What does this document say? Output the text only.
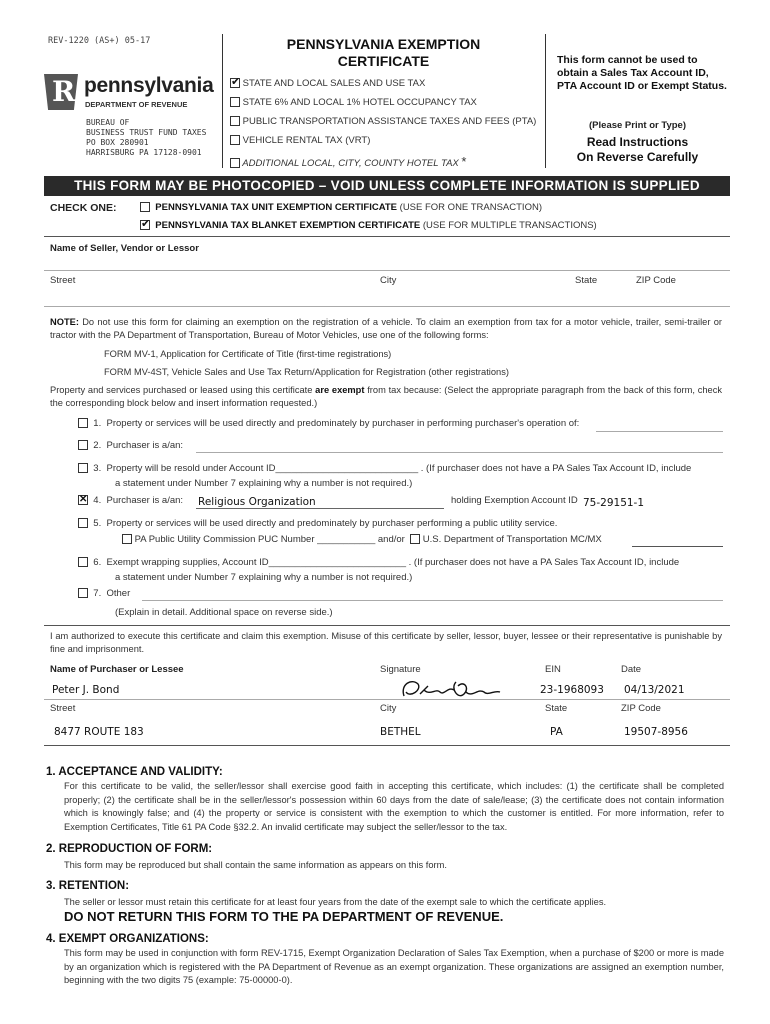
REV-1220 (AS+) 05-17
R pennsylvania
DEPARTMENT OF REVENUE
BUREAU OF
BUSINESS TRUST FUND TAXES
PO BOX 280901
HARRISBURG PA 17128-0901
PENNSYLVANIA EXEMPTION
CERTIFICATE
✔ STATE AND LOCAL SALES AND USE TAX
STATE 6% AND LOCAL 1% HOTEL OCCUPANCY TAX
PUBLIC TRANSPORTATION ASSISTANCE TAXES AND FEES (PTA)
VEHICLE RENTAL TAX (VRT)
ADDITIONAL LOCAL, CITY, COUNTY HOTEL TAX *
This form cannot be used to obtain a Sales Tax Account ID, PTA Account ID or Exempt Status.
(Please Print or Type)
Read Instructions
On Reverse Carefully
THIS FORM MAY BE PHOTOCOPIED – VOID UNLESS COMPLETE INFORMATION IS SUPPLIED
CHECK ONE:	PENNSYLVANIA TAX UNIT EXEMPTION CERTIFICATE (USE FOR ONE TRANSACTION)
✔  PENNSYLVANIA TAX BLANKET EXEMPTION CERTIFICATE (USE FOR MULTIPLE TRANSACTIONS)
Name of Seller, Vendor or Lessor
Street	City	State	ZIP Code
NOTE: Do not use this form for claiming an exemption on the registration of a vehicle. To claim an exemption from tax for a motor vehicle, trailer, semi-trailer or tractor with the PA Department of Transportation, Bureau of Motor Vehicles, use one of the following forms:
FORM MV-1, Application for Certificate of Title (first-time registrations)
FORM MV-4ST, Vehicle Sales and Use Tax Return/Application for Registration (other registrations)
Property and services purchased or leased using this certificate are exempt from tax because: (Select the appropriate paragraph from the back of this form, check the corresponding block below and insert information requested.)
1. Property or services will be used directly and predominately by purchaser in performing purchaser's operation of:
2. Purchaser is a/an:
3. Property will be resold under Account ID___________________________ . (If purchaser does not have a PA Sales Tax Account ID, include
a statement under Number 7 explaining why a number is not required.)
✕  4. Purchaser is a/an: Religious Organization	holding Exemption Account ID 75-29151-1
5. Property or services will be used directly and predominately by purchaser performing a public utility service.
PA Public Utility Commission PUC Number ___________ and/or U.S. Department of Transportation MC/MX
6. Exempt wrapping supplies, Account ID__________________________ . (If purchaser does not have a PA Sales Tax Account ID, include
a statement under Number 7 explaining why a number is not required.)
7. Other
(Explain in detail. Additional space on reverse side.)
I am authorized to execute this certificate and claim this exemption. Misuse of this certificate by seller, lessor, buyer, lessee or their representative is punishable by fine and imprisonment.
Name of Purchaser or Lessee	Signature	EIN	Date
Peter J. Bond	23-1968093 04/13/2021
Street	City	State	ZIP Code
8477 ROUTE 183	BETHEL	PA	19507-8956
1. ACCEPTANCE AND VALIDITY:
For this certificate to be valid, the seller/lessor shall exercise good faith in accepting this certificate, which includes: (1) the certificate shall be completed properly; (2) the certificate shall be in the seller/lessor's possession within 60 days from the date of sale/lease; (3) the certificate does not contain information which is knowingly false; and (4) the property or service is consistent with the exemption to which the customer is entitled. For more information, refer to Exemption Certificates, Title 61 PA Code §32.2. An invalid certificate may subject the seller/lessor to the tax.
2. REPRODUCTION OF FORM:
This form may be reproduced but shall contain the same information as appears on this form.
3. RETENTION:
The seller or lessor must retain this certificate for at least four years from the date of the exempt sale to which the certificate applies.
DO NOT RETURN THIS FORM TO THE PA DEPARTMENT OF REVENUE.
4. EXEMPT ORGANIZATIONS:
This form may be used in conjunction with form REV-1715, Exempt Organization Declaration of Sales Tax Exemption, when a purchase of $200 or more is made by an organization which is registered with the PA Department of Revenue as an exempt organization. These organizations are assigned an exemption number, beginning with the two digits 75 (example: 75-00000-0).
